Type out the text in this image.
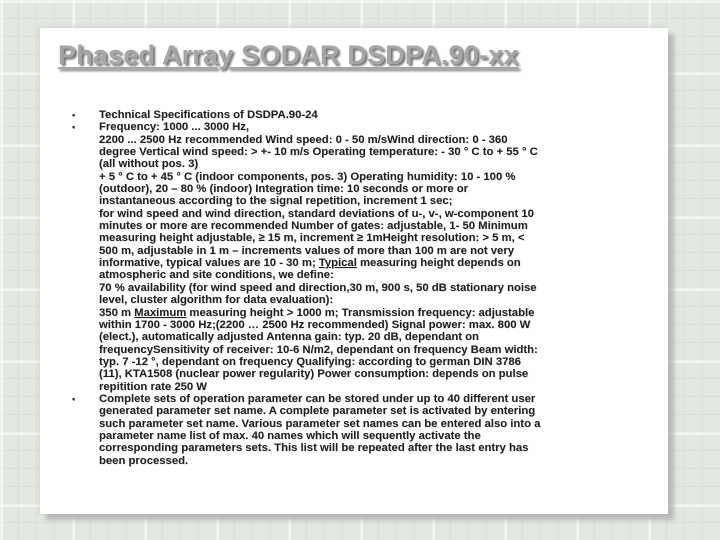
Phased Array SODAR DSDPA.90-xx
• Technical Specifications of DSDPA.90-24
• Frequency: 1000 ... 3000 Hz,
2200 ... 2500 Hz recommended Wind speed: 0 - 50 m/sWind direction: 0 - 360
degree Vertical wind speed: > +- 10 m/s Operating temperature: - 30 ° C to + 55 ° C
(all without pos. 3)
+ 5 ° C to + 45 ° C (indoor components, pos. 3) Operating humidity: 10 - 100 %
(outdoor), 20 – 80 % (indoor) Integration time: 10 seconds or more or
instantaneous according to the signal repetition, increment 1 sec;
for wind speed and wind direction, standard deviations of u-, v-, w-component 10
minutes or more are recommended Number of gates: adjustable, 1- 50 Minimum
measuring height adjustable, ≥ 15 m, increment ≥ 1mHeight resolution: > 5 m, <
500 m, adjustable in 1 m – increments values of more than 100 m are not very
informative, typical values are 10 - 30 m; Typical measuring height depends on
atmospheric and site conditions, we define:
70 % availability (for wind speed and direction,30 m, 900 s, 50 dB stationary noise
level, cluster algorithm for data evaluation):
350 m Maximum measuring height > 1000 m; Transmission frequency: adjustable
within 1700 - 3000 Hz;(2200 … 2500 Hz recommended) Signal power: max. 800 W
(elect.), automatically adjusted Antenna gain: typ. 20 dB, dependant on
frequencySensitivity of receiver: 10-6 N/m2, dependant on frequency Beam width:
typ. 7 -12 °, dependant on frequency Qualifying: according to german DIN 3786
(11), KTA1508 (nuclear power regularity) Power consumption: depends on pulse
repitition rate 250 W
• Complete sets of operation parameter can be stored under up to 40 different user
generated parameter set name. A complete parameter set is activated by entering
such parameter set name. Various parameter set names can be entered also into a
parameter name list of max. 40 names which will sequently activate the
corresponding parameters sets. This list will be repeated after the last entry has
been processed.
